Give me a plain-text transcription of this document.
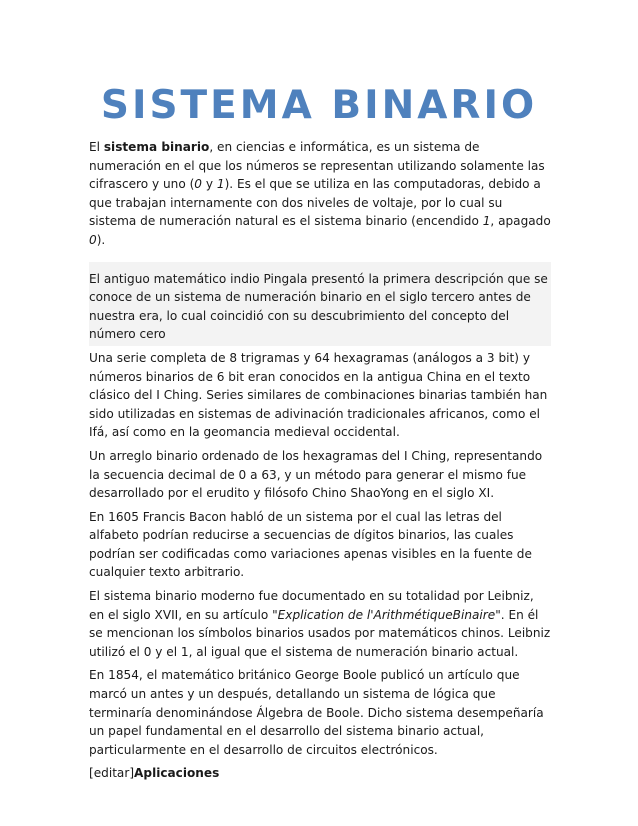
SISTEMA BINARIO

El sistema binario, en ciencias e informática, es un sistema de numeración en el que los números se representan utilizando solamente las cifrascero y uno (0 y 1). Es el que se utiliza en las computadoras, debido a que trabajan internamente con dos niveles de voltaje, por lo cual su sistema de numeración natural es el sistema binario (encendido 1, apagado 0).

El antiguo matemático indio Pingala presentó la primera descripción que se conoce de un sistema de numeración binario en el siglo tercero antes de nuestra era, lo cual coincidió con su descubrimiento del concepto del número cero

Una serie completa de 8 trigramas y 64 hexagramas (análogos a 3 bit) y números binarios de 6 bit eran conocidos en la antigua China en el texto clásico del I Ching. Series similares de combinaciones binarias también han sido utilizadas en sistemas de adivinación tradicionales africanos, como el Ifá, así como en la geomancia medieval occidental.

Un arreglo binario ordenado de los hexagramas del I Ching, representando la secuencia decimal de 0 a 63, y un método para generar el mismo fue desarrollado por el erudito y filósofo Chino ShaoYong en el siglo XI.

En 1605 Francis Bacon habló de un sistema por el cual las letras del alfabeto podrían reducirse a secuencias de dígitos binarios, las cuales podrían ser codificadas como variaciones apenas visibles en la fuente de cualquier texto arbitrario.

El sistema binario moderno fue documentado en su totalidad por Leibniz, en el siglo XVII, en su artículo "Explication de l'ArithmétiqueBinaire". En él se mencionan los símbolos binarios usados por matemáticos chinos. Leibniz utilizó el 0 y el 1, al igual que el sistema de numeración binario actual.

En 1854, el matemático británico George Boole publicó un artículo que marcó un antes y un después, detallando un sistema de lógica que terminaría denominándose Álgebra de Boole. Dicho sistema desempeñaría un papel fundamental en el desarrollo del sistema binario actual, particularmente en el desarrollo de circuitos electrónicos.

[editar]Aplicaciones
